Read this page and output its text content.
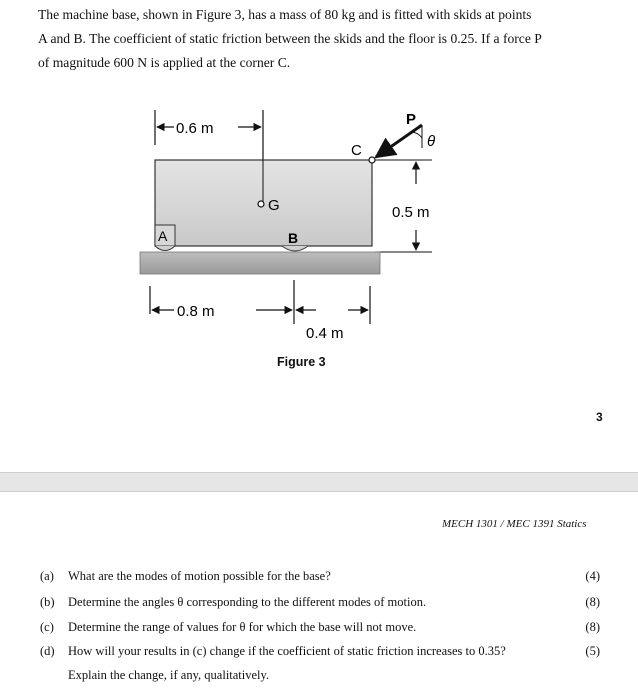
The machine base, shown in Figure 3, has a mass of 80 kg and is fitted with skids at points

A and B. The coefficient of static friction between the skids and the floor is 0.25. If a force P

of magnitude 600 N is applied at the corner C.

0.6 m
C
P
θ
0.5 m
G
A	B
0.8 m
0.4 m
Figure 3
3
MECH 1301 / MEC 1391 Statics
(a) What are the modes of motion possible for the base?	(4)
(b) Determine the angles θ corresponding to the different modes of motion.	(8)
(c) Determine the range of values for θ for which the base will not move.	(8)
(d) How will your results in (c) change if the coefficient of static friction increases to 0.35?	(5)
Explain the change, if any, qualitatively.
